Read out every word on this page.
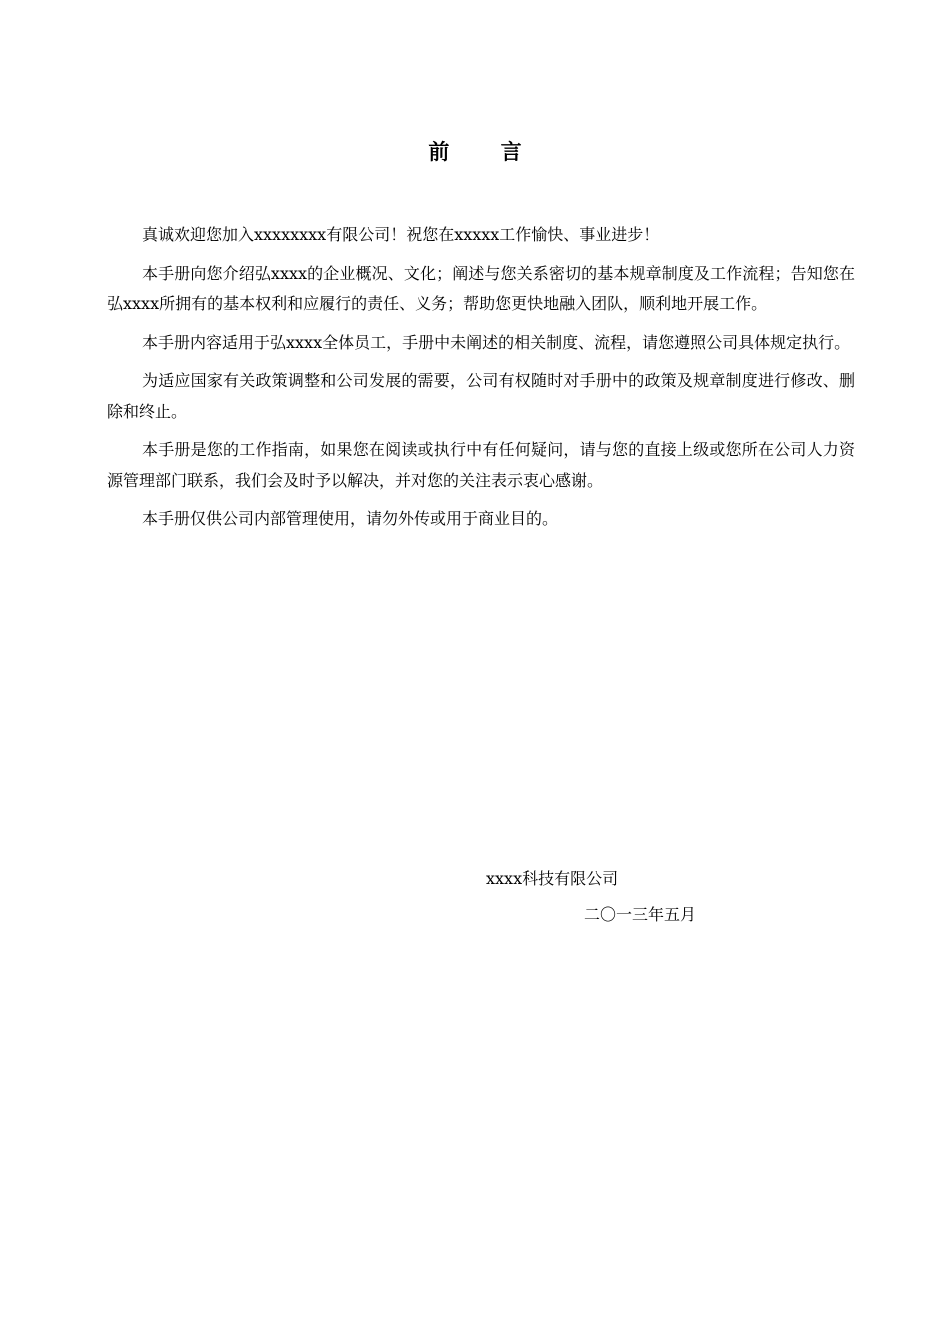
前 言

真诚欢迎您加入xxxxxxxx有限公司！祝您在xxxxx工作愉快、事业进步！

本手册向您介绍弘xxxx的企业概况、文化；阐述与您关系密切的基本规章制度及工作流程；告知您在弘xxxx所拥有的基本权利和应履行的责任、义务；帮助您更快地融入团队，顺利地开展工作。

本手册内容适用于弘xxxx全体员工，手册中未阐述的相关制度、流程，请您遵照公司具体规定执行。

为适应国家有关政策调整和公司发展的需要，公司有权随时对手册中的政策及规章制度进行修改、删除和终止。

本手册是您的工作指南，如果您在阅读或执行中有任何疑问，请与您的直接上级或您所在公司人力资源管理部门联系，我们会及时予以解决，并对您的关注表示衷心感谢。

本手册仅供公司内部管理使用，请勿外传或用于商业目的。

xxxx科技有限公司
二〇一三年五月
